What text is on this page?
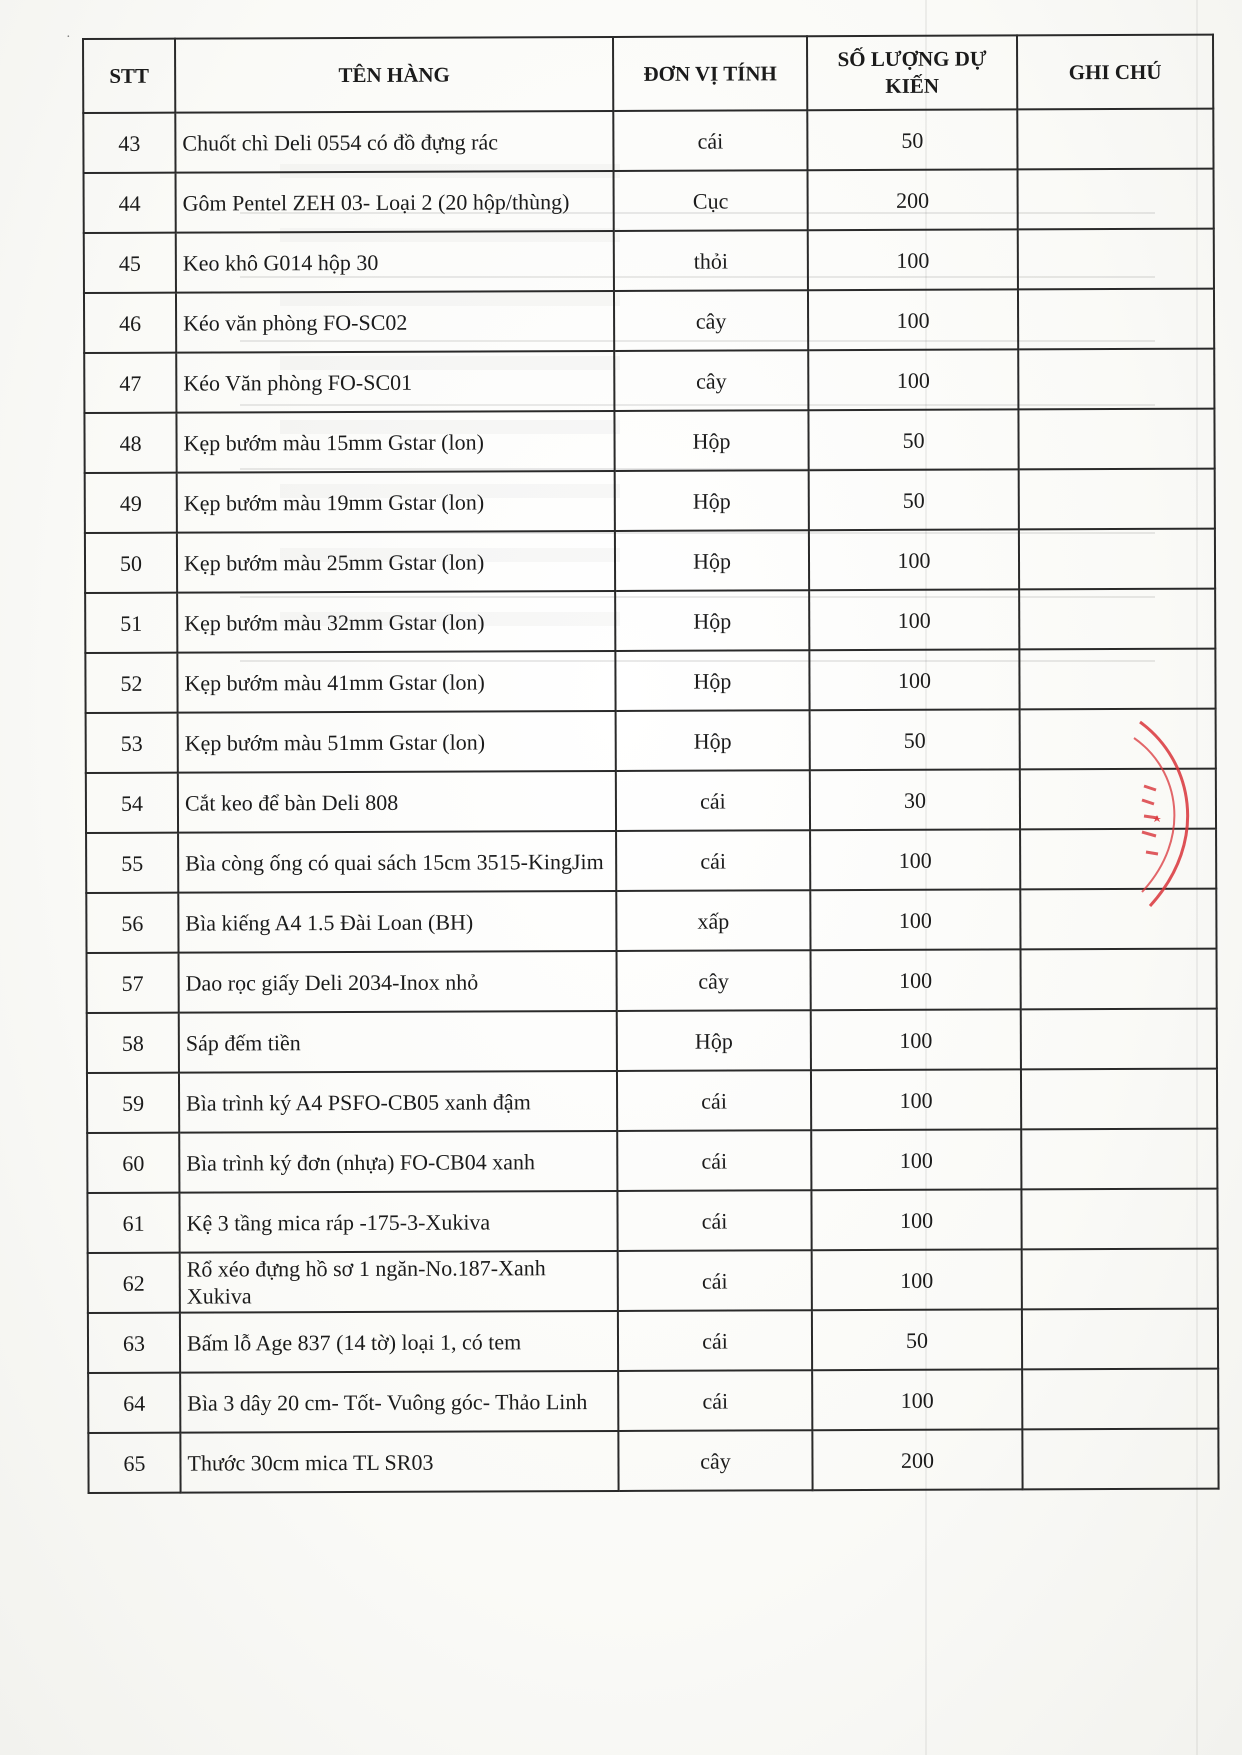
·
STT	TÊN HÀNG	ĐƠN VỊ TÍNH	SỐ LƯỢNG DỰ KIẾN	GHI CHÚ
43	Chuốt chì Deli 0554 có đồ đựng rác	cái	50	
44	Gôm Pentel ZEH 03- Loại 2 (20 hộp/thùng)	Cục	200	
45	Keo khô G014 hộp 30	thỏi	100	
46	Kéo văn phòng FO-SC02	cây	100	
47	Kéo Văn phòng FO-SC01	cây	100	
48	Kẹp bướm màu 15mm Gstar (lon)	Hộp	50	
49	Kẹp bướm màu 19mm Gstar (lon)	Hộp	50	
50	Kẹp bướm màu 25mm Gstar (lon)	Hộp	100	
51	Kẹp bướm màu 32mm Gstar (lon)	Hộp	100	
52	Kẹp bướm màu 41mm Gstar (lon)	Hộp	100	
53	Kẹp bướm màu 51mm Gstar (lon)	Hộp	50	
54	Cắt keo để bàn Deli 808	cái	30	
55	Bìa còng ống có quai sách 15cm 3515-KingJim	cái	100	
56	Bìa kiếng A4 1.5 Đài Loan (BH)	xấp	100	
57	Dao rọc giấy Deli 2034-Inox nhỏ	cây	100	
58	Sáp đếm tiền	Hộp	100	
59	Bìa trình ký A4 PSFO-CB05 xanh đậm	cái	100	
60	Bìa trình ký đơn (nhựa) FO-CB04 xanh	cái	100	
61	Kệ 3 tầng mica ráp -175-3-Xukiva	cái	100	
62	Rổ xéo đựng hồ sơ 1 ngăn-No.187-Xanh Xukiva	cái	100	
63	Bấm lỗ Age 837 (14 tờ) loại 1, có tem	cái	50	
64	Bìa 3 dây 20 cm- Tốt- Vuông góc- Thảo Linh	cái	100	
65	Thước 30cm mica TL SR03	cây	200	
